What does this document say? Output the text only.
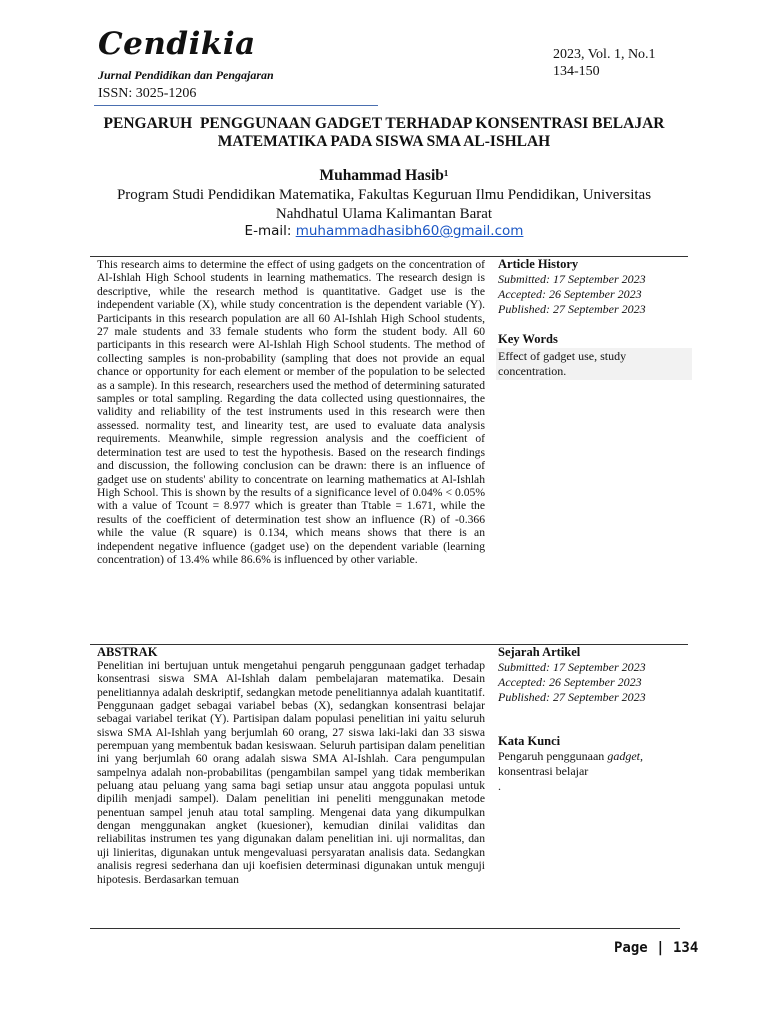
Cendikia
Jurnal Pendidikan dan Pengajaran
ISSN: 3025-1206
2023, Vol. 1, No.1
134-150
PENGARUH  PENGGUNAAN GADGET TERHADAP KONSENTRASI BELAJAR
MATEMATIKA PADA SISWA SMA AL-ISHLAH
Muhammad Hasib¹
Program Studi Pendidikan Matematika, Fakultas Keguruan Ilmu Pendidikan, Universitas Nahdhatul Ulama Kalimantan Barat
E-mail: muhammadhasibh60@gmail.com

This research aims to determine the effect of using gadgets on the concentration of Al-Ishlah High School students in learning mathematics. The research design is descriptive, while the research method is quantitative. Gadget use is the independent variable (X), while study concentration is the dependent variable (Y). Participants in this research population are all 60 Al-Ishlah High School students, 27 male students and 33 female students who form the student body. All 60 participants in this research were Al-Ishlah High School students. The method of collecting samples is non-probability (sampling that does not provide an equal chance or opportunity for each element or member of the population to be selected as a sample). In this research, researchers used the method of determining saturated samples or total sampling. Regarding the data collected using questionnaires, the validity and reliability of the test instruments used in this research were then assessed. normality test, and linearity test, are used to evaluate data analysis requirements. Meanwhile, simple regression analysis and the coefficient of determination test are used to test the hypothesis. Based on the research findings and discussion, the following conclusion can be drawn: there is an influence of gadget use on students' ability to concentrate on learning mathematics at Al-Ishlah High School. This is shown by the results of a significance level of 0.04% < 0.05% with a value of Tcount = 8.977 which is greater than Ttable = 1.671, while the results of the coefficient of determination test show an influence (R) of -0.366 while the value (R square) is 0.134, which means shows that there is an independent negative influence (gadget use) on the dependent variable (learning concentration) of 13.4% while 86.6% is influenced by other variable.

Article History
Submitted: 17 September 2023
Accepted: 26 September 2023
Published: 27 September 2023
Key Words
Effect of gadget use, study concentration.
ABSTRAK

Penelitian ini bertujuan untuk mengetahui pengaruh penggunaan gadget terhadap konsentrasi siswa SMA Al-Ishlah dalam pembelajaran matematika. Desain penelitiannya adalah deskriptif, sedangkan metode penelitiannya adalah kuantitatif. Penggunaan gadget sebagai variabel bebas (X), sedangkan konsentrasi belajar sebagai variabel terikat (Y). Partisipan dalam populasi penelitian ini yaitu seluruh siswa SMA Al-Ishlah yang berjumlah 60 orang, 27 siswa laki-laki dan 33 siswa perempuan yang membentuk badan kesiswaan. Seluruh partisipan dalam penelitian ini yang berjumlah 60 orang adalah siswa SMA Al-Ishlah. Cara pengumpulan sampelnya adalah non-probabilitas (pengambilan sampel yang tidak memberikan peluang atau peluang yang sama bagi setiap unsur atau anggota populasi untuk dipilih menjadi sampel). Dalam penelitian ini peneliti menggunakan metode penentuan sampel jenuh atau total sampling. Mengenai data yang dikumpulkan dengan menggunakan angket (kuesioner), kemudian dinilai validitas dan reliabilitas instrumen tes yang digunakan dalam penelitian ini. uji normalitas, dan uji linieritas, digunakan untuk mengevaluasi persyaratan analisis data. Sedangkan analisis regresi sederhana dan uji koefisien determinasi digunakan untuk menguji hipotesis. Berdasarkan temuan

Sejarah Artikel
Submitted: 17 September 2023
Accepted: 26 September 2023
Published: 27 September 2023
Kata Kunci
Pengaruh penggunaan gadget,
konsentrasi belajar
.
Page | 134
